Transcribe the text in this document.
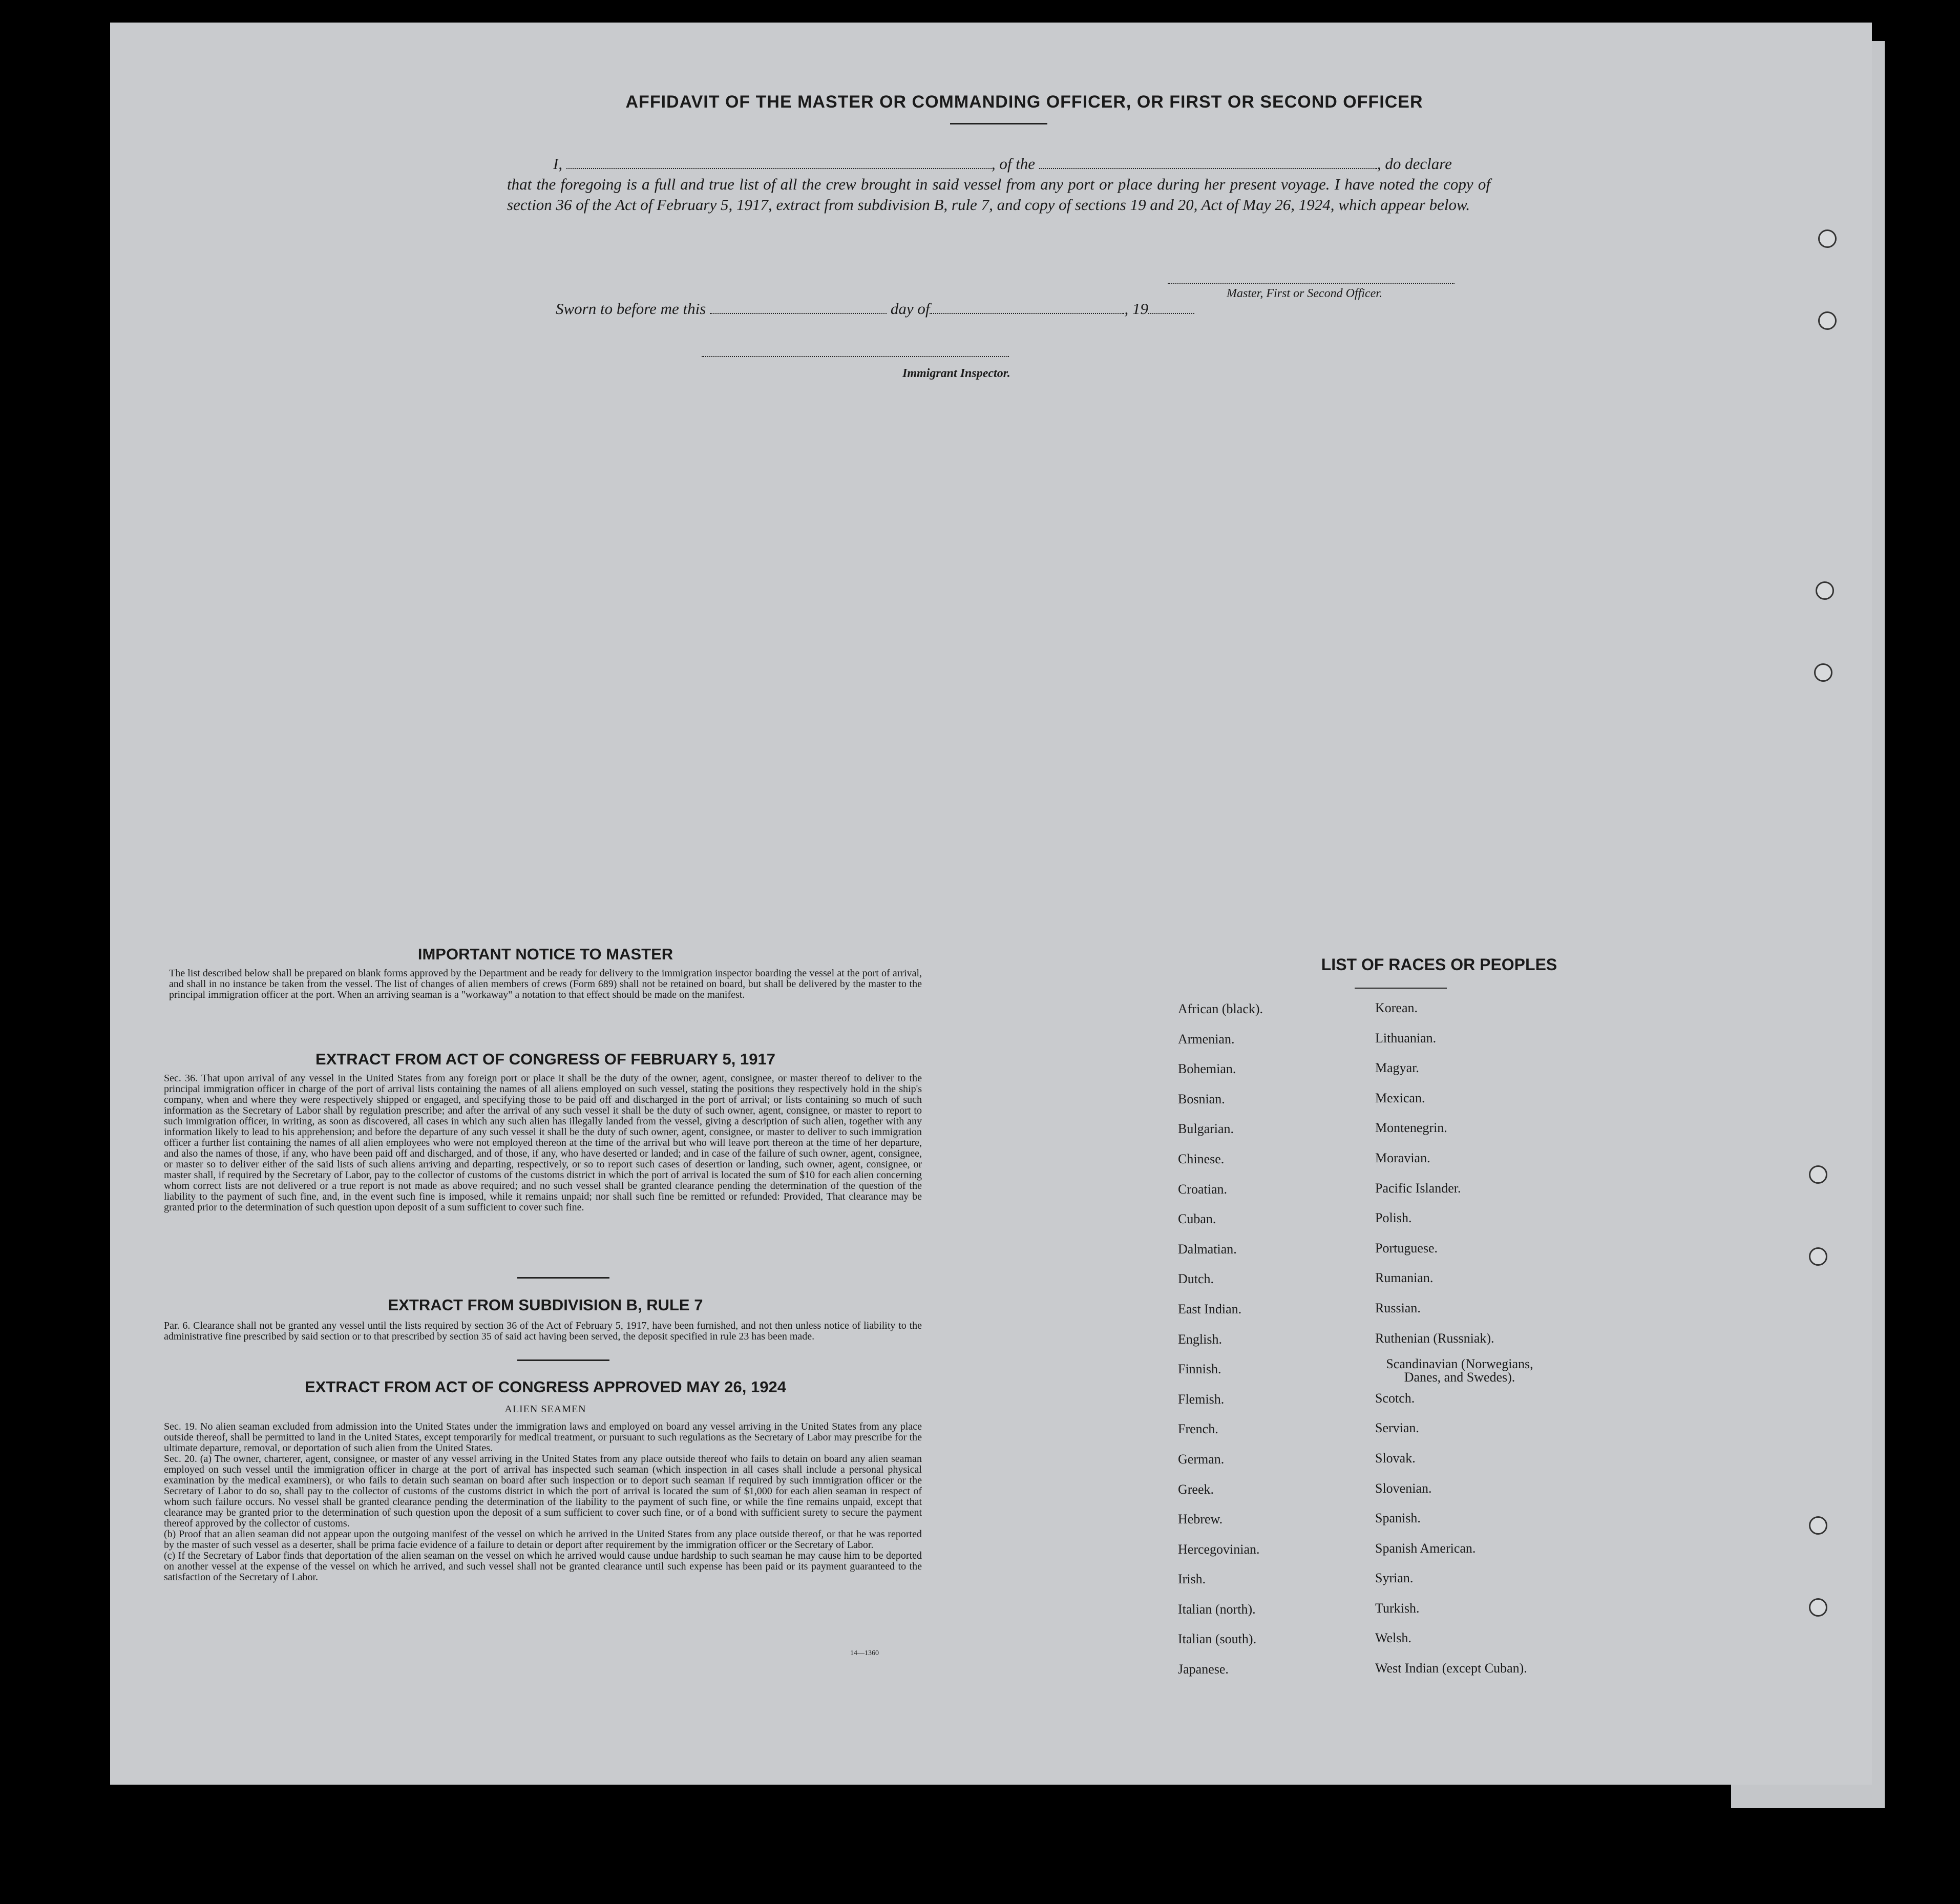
AFFIDAVIT OF THE MASTER OR COMMANDING OFFICER, OR FIRST OR SECOND OFFICER
I,	, of the	, do declare
that the foregoing is a full and true list of all the crew brought in said vessel from any port or place during her present voyage. I have noted the copy of section 36 of the Act of February 5, 1917, extract from subdivision B, rule 7, and copy of sections 19 and 20, Act of May 26, 1924, which appear below.
Master, First or Second Officer.
Sworn to before me this	day of	, 19
Immigrant Inspector.
IMPORTANT NOTICE TO MASTER
The list described below shall be prepared on blank forms approved by the Department and be ready for delivery to the immigration inspector boarding the vessel at the port of arrival, and shall in no instance be taken from the vessel. The list of changes of alien members of crews (Form 689) shall not be retained on board, but shall be delivered by the master to the principal immigration officer at the port. When an arriving seaman is a "workaway" a notation to that effect should be made on the manifest.
EXTRACT FROM ACT OF CONGRESS OF FEBRUARY 5, 1917
Sec. 36. That upon arrival of any vessel in the United States from any foreign port or place it shall be the duty of the owner, agent, consignee, or master thereof to deliver to the principal immigration officer in charge of the port of arrival lists containing the names of all aliens employed on such vessel, stating the positions they respectively hold in the ship's company, when and where they were respectively shipped or engaged, and specifying those to be paid off and discharged in the port of arrival; or lists containing so much of such information as the Secretary of Labor shall by regulation prescribe; and after the arrival of any such vessel it shall be the duty of such owner, agent, consignee, or master to report to such immigration officer, in writing, as soon as discovered, all cases in which any such alien has illegally landed from the vessel, giving a description of such alien, together with any information likely to lead to his apprehension; and before the departure of any such vessel it shall be the duty of such owner, agent, consignee, or master to deliver to such immigration officer a further list containing the names of all alien employees who were not employed thereon at the time of the arrival but who will leave port thereon at the time of her departure, and also the names of those, if any, who have been paid off and discharged, and of those, if any, who have deserted or landed; and in case of the failure of such owner, agent, consignee, or master so to deliver either of the said lists of such aliens arriving and departing, respectively, or so to report such cases of desertion or landing, such owner, agent, consignee, or master shall, if required by the Secretary of Labor, pay to the collector of customs of the customs district in which the port of arrival is located the sum of $10 for each alien concerning whom correct lists are not delivered or a true report is not made as above required; and no such vessel shall be granted clearance pending the determination of the question of the liability to the payment of such fine, and, in the event such fine is imposed, while it remains unpaid; nor shall such fine be remitted or refunded: Provided, That clearance may be granted prior to the determination of such question upon deposit of a sum sufficient to cover such fine.
EXTRACT FROM SUBDIVISION B, RULE 7
Par. 6. Clearance shall not be granted any vessel until the lists required by section 36 of the Act of February 5, 1917, have been furnished, and not then unless notice of liability to the administrative fine prescribed by said section or to that prescribed by section 35 of said act having been served, the deposit specified in rule 23 has been made.
EXTRACT FROM ACT OF CONGRESS APPROVED MAY 26, 1924
ALIEN SEAMEN
Sec. 19. No alien seaman excluded from admission into the United States under the immigration laws and employed on board any vessel arriving in the United States from any place outside thereof, shall be permitted to land in the United States, except temporarily for medical treatment, or pursuant to such regulations as the Secretary of Labor may prescribe for the ultimate departure, removal, or deportation of such alien from the United States.
Sec. 20. (a) The owner, charterer, agent, consignee, or master of any vessel arriving in the United States from any place outside thereof who fails to detain on board any alien seaman employed on such vessel until the immigration officer in charge at the port of arrival has inspected such seaman (which inspection in all cases shall include a personal physical examination by the medical examiners), or who fails to detain such seaman on board after such inspection or to deport such seaman if required by such immigration officer or the Secretary of Labor to do so, shall pay to the collector of customs of the customs district in which the port of arrival is located the sum of $1,000 for each alien seaman in respect of whom such failure occurs. No vessel shall be granted clearance pending the determination of the liability to the payment of such fine, or while the fine remains unpaid, except that clearance may be granted prior to the determination of such question upon the deposit of a sum sufficient to cover such fine, or of a bond with sufficient surety to secure the payment thereof approved by the collector of customs.
(b) Proof that an alien seaman did not appear upon the outgoing manifest of the vessel on which he arrived in the United States from any place outside thereof, or that he was reported by the master of such vessel as a deserter, shall be prima facie evidence of a failure to detain or deport after requirement by the immigration officer or the Secretary of Labor.
(c) If the Secretary of Labor finds that deportation of the alien seaman on the vessel on which he arrived would cause undue hardship to such seaman he may cause him to be deported on another vessel at the expense of the vessel on which he arrived, and such vessel shall not be granted clearance until such expense has been paid or its payment guaranteed to the satisfaction of the Secretary of Labor.
14—1360
LIST OF RACES OR PEOPLES
African (black).	Korean.
Armenian.	Lithuanian.
Bohemian.	Magyar.
Bosnian.	Mexican.
Bulgarian.	Montenegrin.
Chinese.	Moravian.
Croatian.	Pacific Islander.
Cuban.	Polish.
Dalmatian.	Portuguese.
Dutch.	Rumanian.
East Indian.	Russian.
English.	Ruthenian (Russniak).
Finnish.	Scandinavian (Norwegians, Danes, and Swedes).
Flemish.	Scotch.
French.	Servian.
German.	Slovak.
Greek.	Slovenian.
Hebrew.	Spanish.
Hercegovinian.	Spanish American.
Irish.	Syrian.
Italian (north).	Turkish.
Italian (south).	Welsh.
Japanese.	West Indian (except Cuban).
